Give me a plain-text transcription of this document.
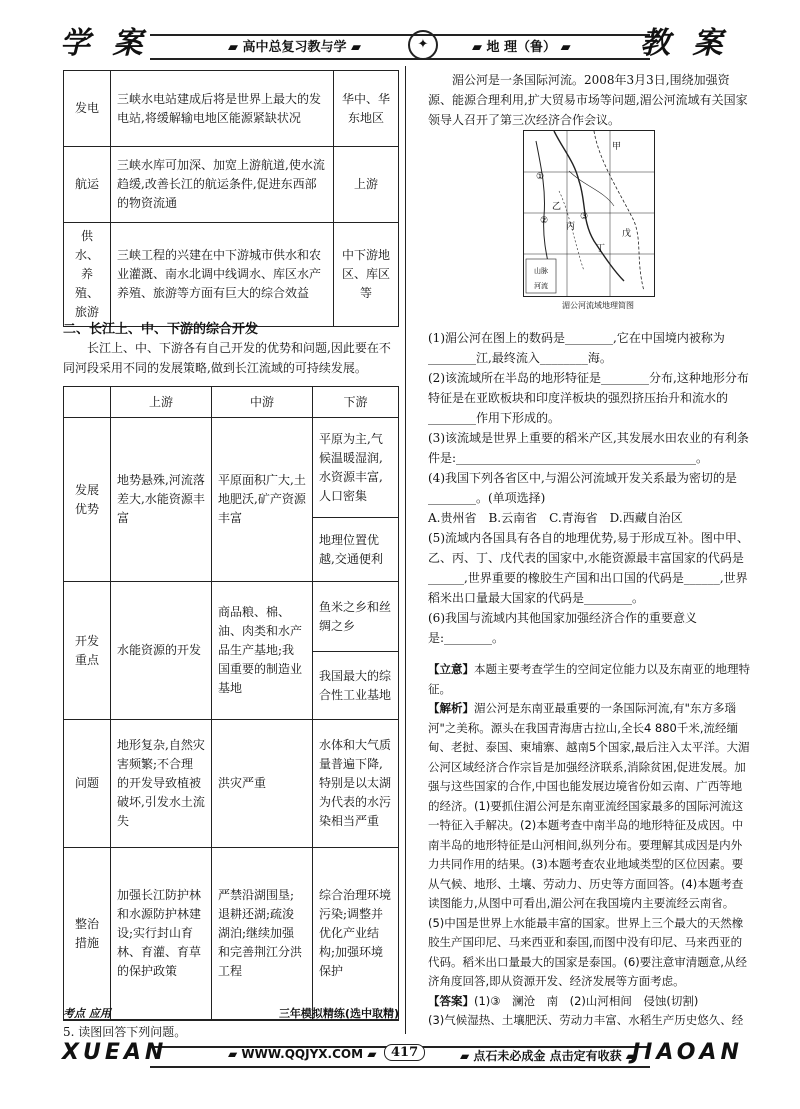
学 案	▰ 高中总复习教与学 ▰	✦	▰ 地 理（鲁） ▰ 教 案
发电	三峡水电站建成后将是世界上最大的发电站,将缓解输电地区能源紧缺状况	华中、华东地区
航运	三峡水库可加深、加宽上游航道,使水流趋缓,改善长江的航运条件,促进东西部的物资流通	上游
供水、养殖、旅游	三峡工程的兴建在中下游城市供水和农业灌溉、南水北调中线调水、库区水产养殖、旅游等方面有巨大的综合效益	中下游地区、库区等
二、长江上、中、下游的综合开发
长江上、中、下游各有自己开发的优势和问题,因此要在不同河段采用不同的发展策略,做到长江流域的可持续发展。
	上游	中游	下游
发展优势	地势悬殊,河流落差大,水能资源丰富	平原面积广大,土地肥沃,矿产资源丰富	平原为主,气候温暖湿润,水资源丰富,人口密集
			地理位置优越,交通便利
开发重点	水能资源的开发	商品粮、棉、油、肉类和水产品生产基地;我国重要的制造业基地	鱼米之乡和丝绸之乡
			我国最大的综合性工业基地
问题	地形复杂,自然灾害频繁;不合理的开发导致植被破坏,引发水土流失	洪灾严重	水体和大气质量普遍下降,特别是以太湖为代表的水污染相当严重
整治措施	加强长江防护林和水源防护林建设;实行封山育林、育灌、育草的保护政策	严禁沿湖围垦;退耕还湖;疏浚湖泊;继续加强和完善荆江分洪工程	综合治理环境污染;调整并优化产业结构;加强环境保护
考点 应用	三年模拟精练(选中取精)
5. 读图回答下列问题。
湄公河是一条国际河流。2008年3月3日,围绕加强资源、能源合理利用,扩大贸易市场等问题,湄公河流域有关国家领导人召开了第三次经济合作会议。
甲
①
乙
②	③
丙
丁
戊
山脉
河流
湄公河流域地理简图

(1)湄公河在图上的数码是________,它在中国境内被称为________江,最终流入________海。

(2)该流域所在半岛的地形特征是________分布,这种地形分布特征是在亚欧板块和印度洋板块的强烈挤压抬升和流水的________作用下形成的。

(3)该流域是世界上重要的稻米产区,其发展水田农业的有利条件是:________________________________________。

(4)我国下列各省区中,与湄公河流域开发关系最为密切的是________。(单项选择)

A.贵州省　B.云南省　C.青海省　D.西藏自治区

(5)流域内各国具有各自的地理优势,易于形成互补。图中甲、乙、丙、丁、戊代表的国家中,水能资源最丰富国家的代码是______,世界重要的橡胶生产国和出口国的代码是______,世界稻米出口量最大国家的代码是________。

(6)我国与流域内其他国家加强经济合作的重要意义是:________。

【立意】本题主要考查学生的空间定位能力以及东南亚的地理特征。

【解析】湄公河是东南亚最重要的一条国际河流,有"东方多瑙河"之美称。源头在我国青海唐古拉山,全长4 880千米,流经缅甸、老挝、泰国、柬埔寨、越南5个国家,最后注入太平洋。大湄公河区域经济合作宗旨是加强经济联系,消除贫困,促进发展。加强与这些国家的合作,中国也能发展边境省份如云南、广西等地的经济。(1)要抓住湄公河是东南亚流经国家最多的国际河流这一特征入手解决。(2)本题考查中南半岛的地形特征及成因。中南半岛的地形特征是山河相间,纵列分布。要理解其成因是内外力共同作用的结果。(3)本题考查农业地域类型的区位因素。要从气候、地形、土壤、劳动力、历史等方面回答。(4)本题考查读图能力,从图中可看出,湄公河在我国境内主要流经云南省。(5)中国是世界上水能最丰富的国家。世界上三个最大的天然橡胶生产国印尼、马来西亚和泰国,而图中没有印尼、马来西亚的代码。稻米出口量最大的国家是泰国。(6)要注意审清题意,从经济角度回答,即从资源开发、经济发展等方面考虑。

【答案】(1)③　澜沧　南　(2)山河相间　侵蚀(切割)

(3)气候湿热、土壤肥沃、劳动力丰富、水稻生产历史悠久、经

XUEAN	▰ WWW.QQJYX.COM ▰	417	▰ 点石未必成金 点击定有收获 ▰
JIAOAN
